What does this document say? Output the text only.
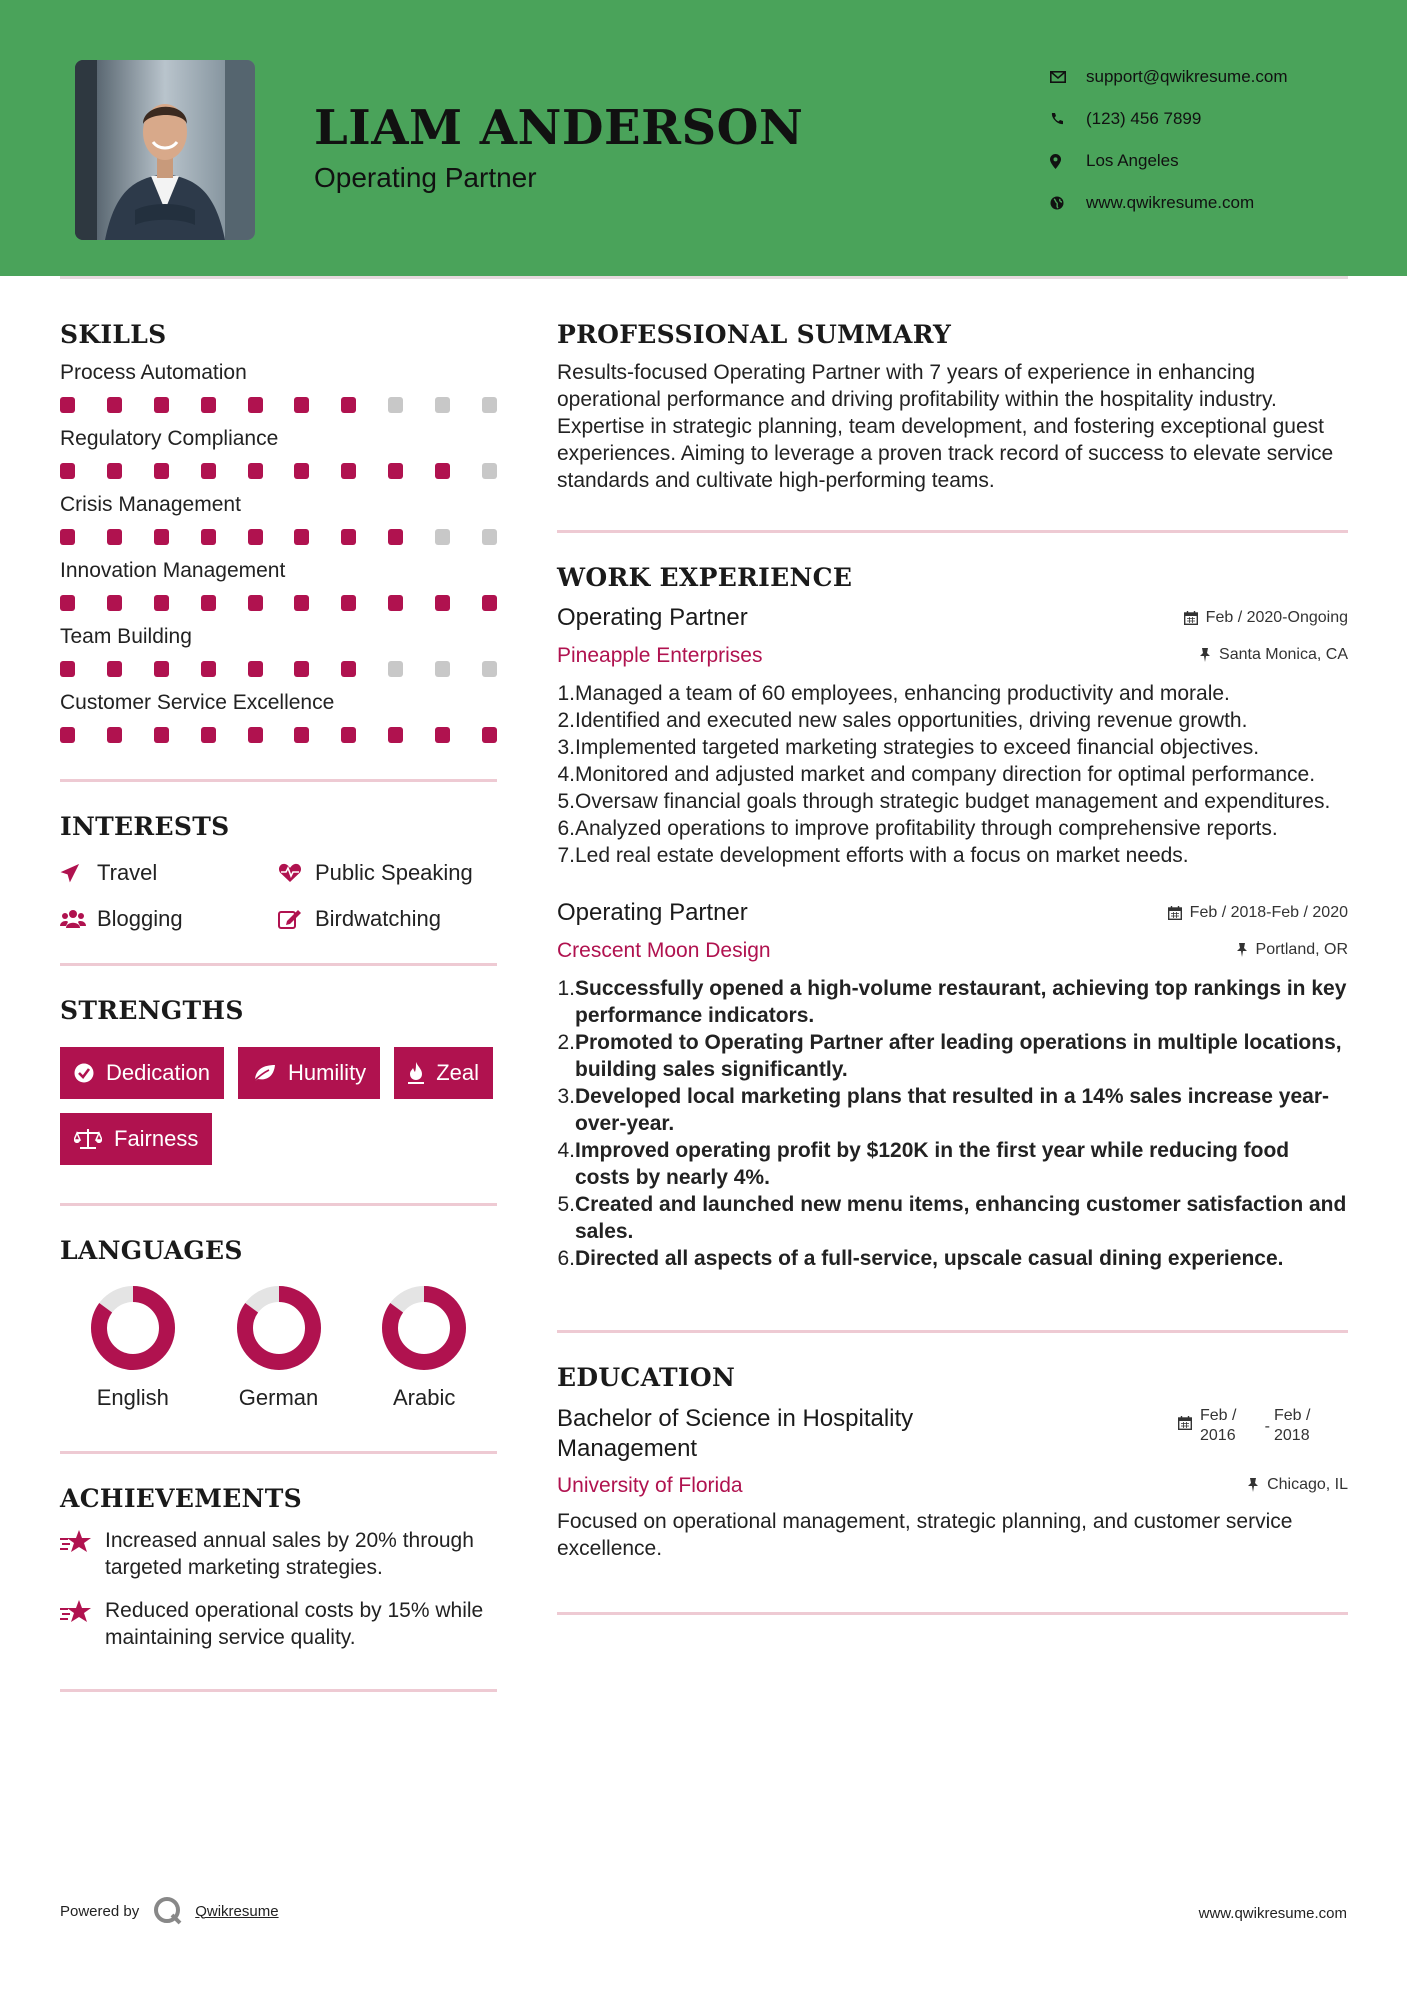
LIAM ANDERSON
Operating Partner
support@qwikresume.com
(123) 456 7899
Los Angeles
www.qwikresume.com
SKILLS
Process Automation
Regulatory Compliance
Crisis Management
Innovation Management
Team Building
Customer Service Excellence
INTERESTS
Travel	Public Speaking
Blogging	Birdwatching
STRENGTHS
Dedication	Humility	Zeal
Fairness
LANGUAGES
English	German	Arabic
ACHIEVEMENTS
Increased annual sales by 20% through targeted marketing strategies.
Reduced operational costs by 15% while maintaining service quality.
PROFESSIONAL SUMMARY
Results-focused Operating Partner with 7 years of experience in enhancing operational performance and driving profitability within the hospitality industry. Expertise in strategic planning, team development, and fostering exceptional guest experiences. Aiming to leverage a proven track record of success to elevate service standards and cultivate high-performing teams.
WORK EXPERIENCE
Operating Partner	Feb / 2020-Ongoing
Pineapple Enterprises	Santa Monica, CA
1. Managed a team of 60 employees, enhancing productivity and morale.
2. Identified and executed new sales opportunities, driving revenue growth.
3. Implemented targeted marketing strategies to exceed financial objectives.
4. Monitored and adjusted market and company direction for optimal performance.
5. Oversaw financial goals through strategic budget management and expenditures.
6. Analyzed operations to improve profitability through comprehensive reports.
7. Led real estate development efforts with a focus on market needs.
Operating Partner	Feb / 2018-Feb / 2020
Crescent Moon Design	Portland, OR
1. Successfully opened a high-volume restaurant, achieving top rankings in key performance indicators.
2. Promoted to Operating Partner after leading operations in multiple locations, building sales significantly.
3. Developed local marketing plans that resulted in a 14% sales increase year-over-year.
4. Improved operating profit by $120K in the first year while reducing food costs by nearly 4%.
5. Created and launched new menu items, enhancing customer satisfaction and sales.
6. Directed all aspects of a full-service, upscale casual dining experience.
EDUCATION
Bachelor of Science in Hospitality Management
Feb / 2016
-
Feb / 2018
University of Florida	Chicago, IL
Focused on operational management, strategic planning, and customer service excellence.
Powered by	Qwikresume	www.qwikresume.com
